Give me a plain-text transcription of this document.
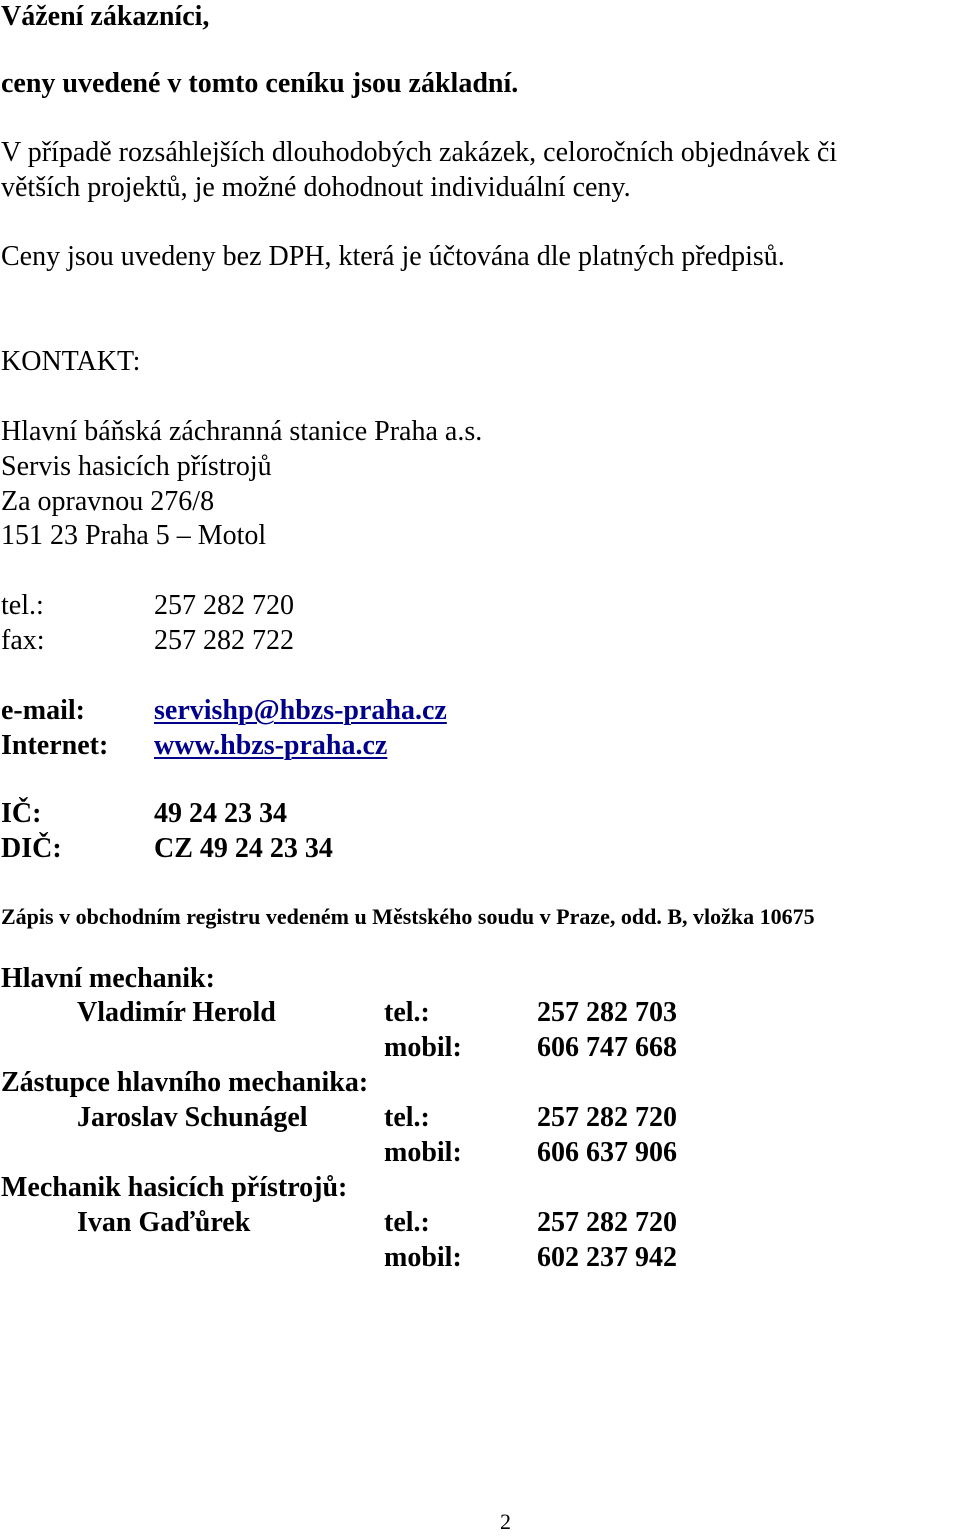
Vážení zákazníci,
ceny uvedené v tomto ceníku jsou základní.
V případě rozsáhlejších dlouhodobých zakázek, celoročních objednávek či
větších projektů, je možné dohodnout individuální ceny.
Ceny jsou uvedeny bez DPH, která je účtována dle platných předpisů.
KONTAKT:
Hlavní báňská záchranná stanice Praha a.s.
Servis hasicích přístrojů
Za opravnou 276/8
151 23 Praha 5 – Motol
tel.:	257 282 720
fax:	257 282 722
e-mail: servishp@hbzs-praha.cz
Internet: www.hbzs-praha.cz
IČ:	49 24 23 34
DIČ:	CZ 49 24 23 34
Zápis v obchodním registru vedeném u Městského soudu v Praze, odd. B, vložka 10675
Hlavní mechanik:
Vladimír Herold	tel.:	257 282 703
mobil:	606 747 668
Zástupce hlavního mechanika:
Jaroslav Schunágel	tel.:	257 282 720
mobil:	606 637 906
Mechanik hasicích přístrojů:
Ivan Gaďůrek	tel.:	257 282 720
mobil:	602 237 942
2
